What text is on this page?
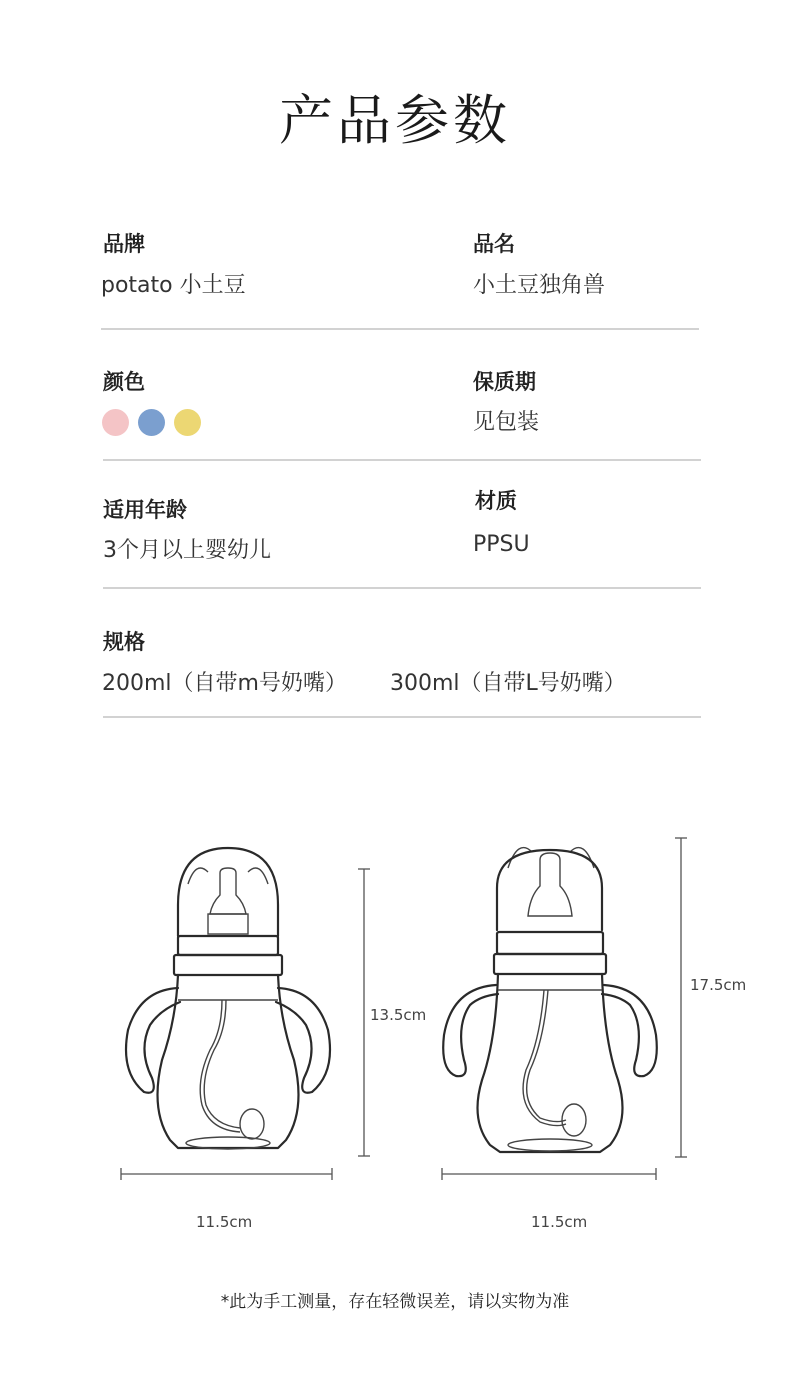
产品参数
品牌
potato 小土豆
品名
小土豆独角兽
颜色	保质期
见包装
适用年龄
3个月以上婴幼儿
材质
PPSU
规格
200ml（自带m号奶嘴） 300ml（自带L号奶嘴）
13.5cm
17.5cm
11.5cm	11.5cm
*此为手工测量，存在轻微误差，请以实物为准
